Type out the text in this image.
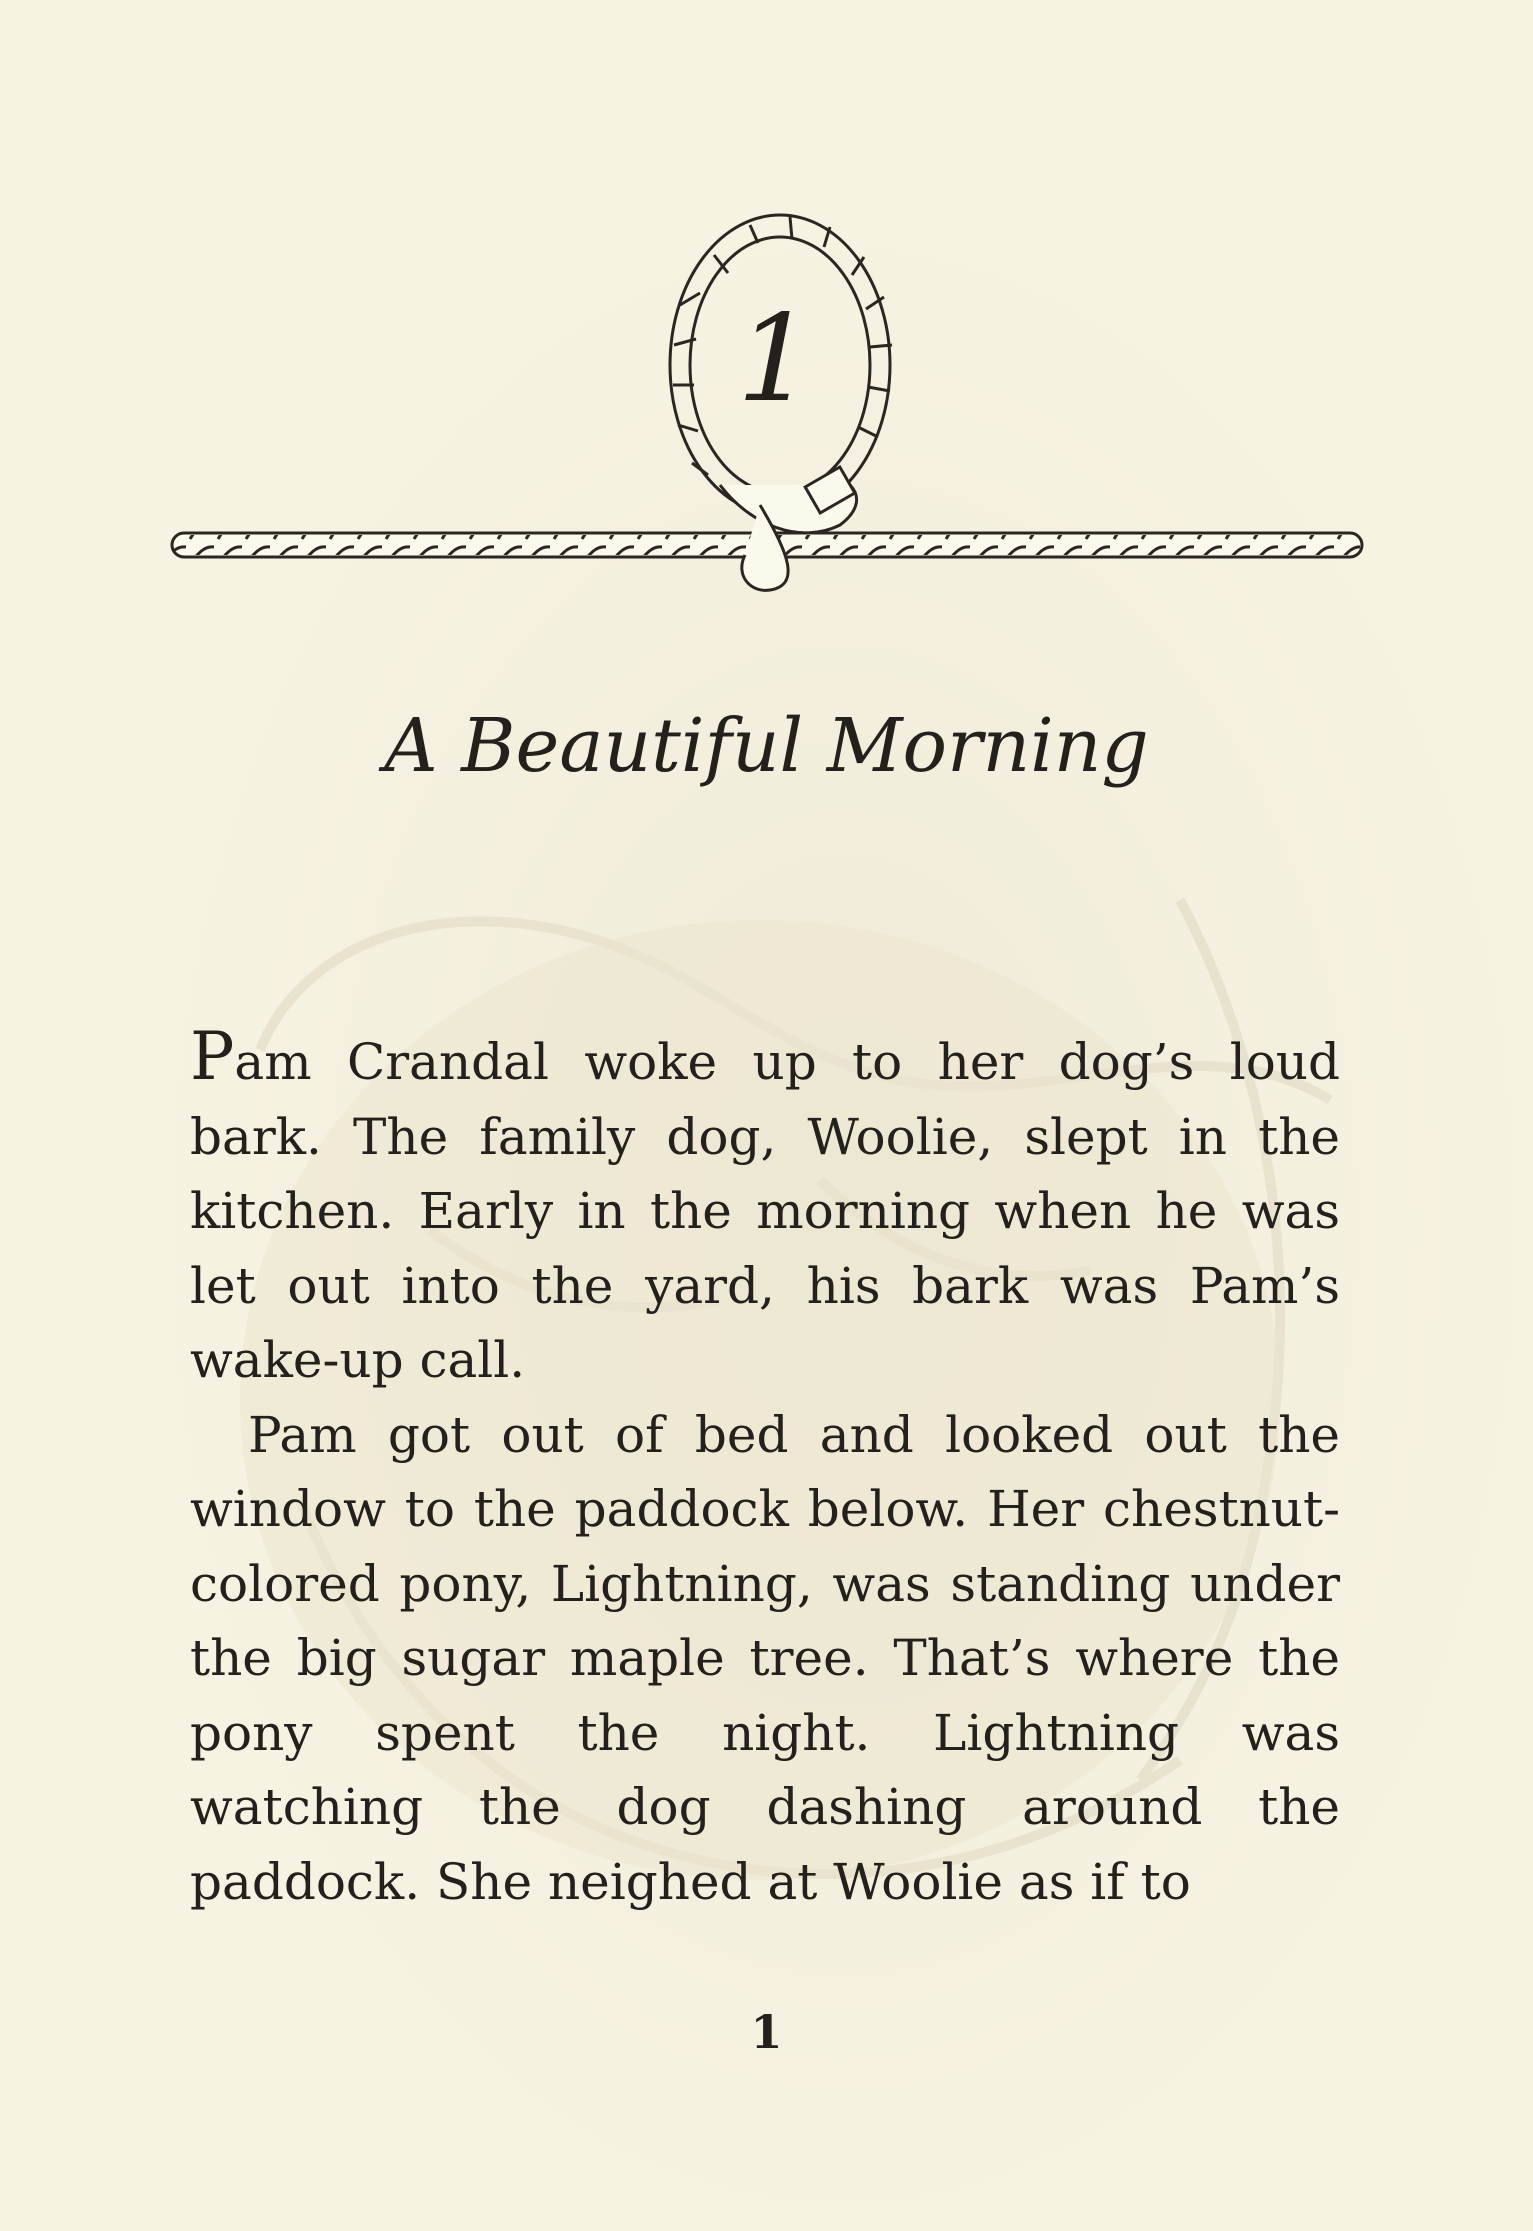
1
A Beautiful Morning

Pam Crandal woke up to her dog’s loud bark. The family dog, Woolie, slept in the kitchen. Early in the morning when he was let out into the yard, his bark was Pam’s wake-up call.

Pam got out of bed and looked out the window to the paddock below. Her chestnut-colored pony, Lightning, was standing under the big sugar maple tree. That’s where the pony spent the night. Lightning was watching the dog dashing around the paddock. She neighed at Woolie as if to

1
